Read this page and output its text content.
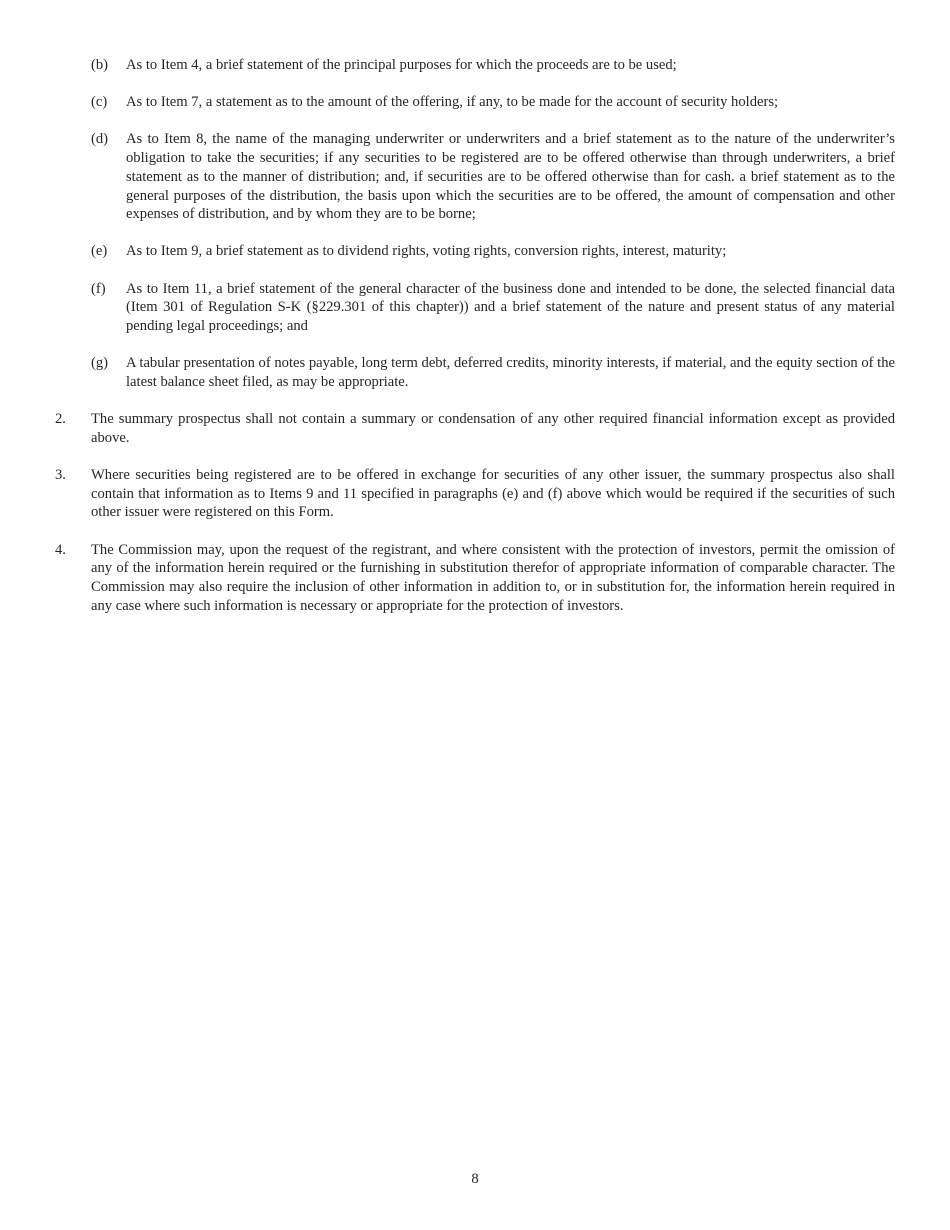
(b) As to Item 4, a brief statement of the principal purposes for which the proceeds are to be used;
(c) As to Item 7, a statement as to the amount of the offering, if any, to be made for the account of security holders;
(d) As to Item 8, the name of the managing underwriter or underwriters and a brief statement as to the nature of the underwriter’s obligation to take the securities; if any securities to be registered are to be offered otherwise than through underwriters, a brief statement as to the manner of distribution; and, if securities are to be offered otherwise than for cash. a brief statement as to the general purposes of the distribution, the basis upon which the securities are to be offered, the amount of compensation and other expenses of distribution, and by whom they are to be borne;
(e) As to Item 9, a brief statement as to dividend rights, voting rights, conversion rights, interest, maturity;
(f) As to Item 11, a brief statement of the general character of the business done and intended to be done, the selected financial data (Item 301 of Regulation S-K (§229.301 of this chapter)) and a brief statement of the nature and present status of any material pending legal proceedings; and
(g) A tabular presentation of notes payable, long term debt, deferred credits, minority interests, if material, and the equity section of the latest balance sheet filed, as may be appropriate.
2. The summary prospectus shall not contain a summary or condensation of any other required financial information except as provided above.
3. Where securities being registered are to be offered in exchange for securities of any other issuer, the summary prospectus also shall contain that information as to Items 9 and 11 specified in paragraphs (e) and (f) above which would be required if the securities of such other issuer were registered on this Form.
4. The Commission may, upon the request of the registrant, and where consistent with the protection of investors, permit the omission of any of the information herein required or the furnishing in substitution therefor of appropriate information of comparable character. The Commission may also require the inclusion of other information in addition to, or in substitution for, the information herein required in any case where such information is necessary or appropriate for the protection of investors.
8
